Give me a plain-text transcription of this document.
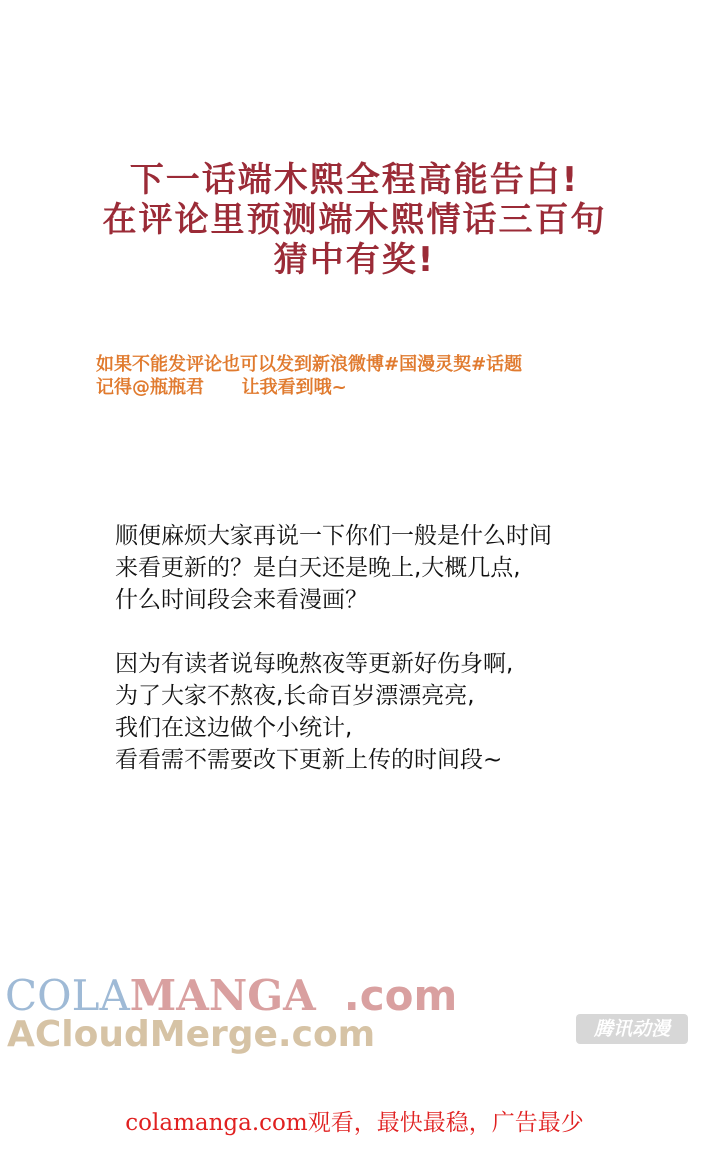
下一话端木熙全程高能告白!
在评论里预测端木熙情话三百句
猜中有奖!
如果不能发评论也可以发到新浪微博#国漫灵契#话题
记得@瓶瓶君      让我看到哦~
顺便麻烦大家再说一下你们一般是什么时间
来看更新的？是白天还是晚上,大概几点,
什么时间段会来看漫画？
因为有读者说每晚熬夜等更新好伤身啊,
为了大家不熬夜,长命百岁漂漂亮亮,
我们在这边做个小统计,
看看需不需要改下更新上传的时间段~
COLAMANGA .com
ACloudMerge.com	腾讯动漫
colamanga.com观看，最快最稳，广告最少
